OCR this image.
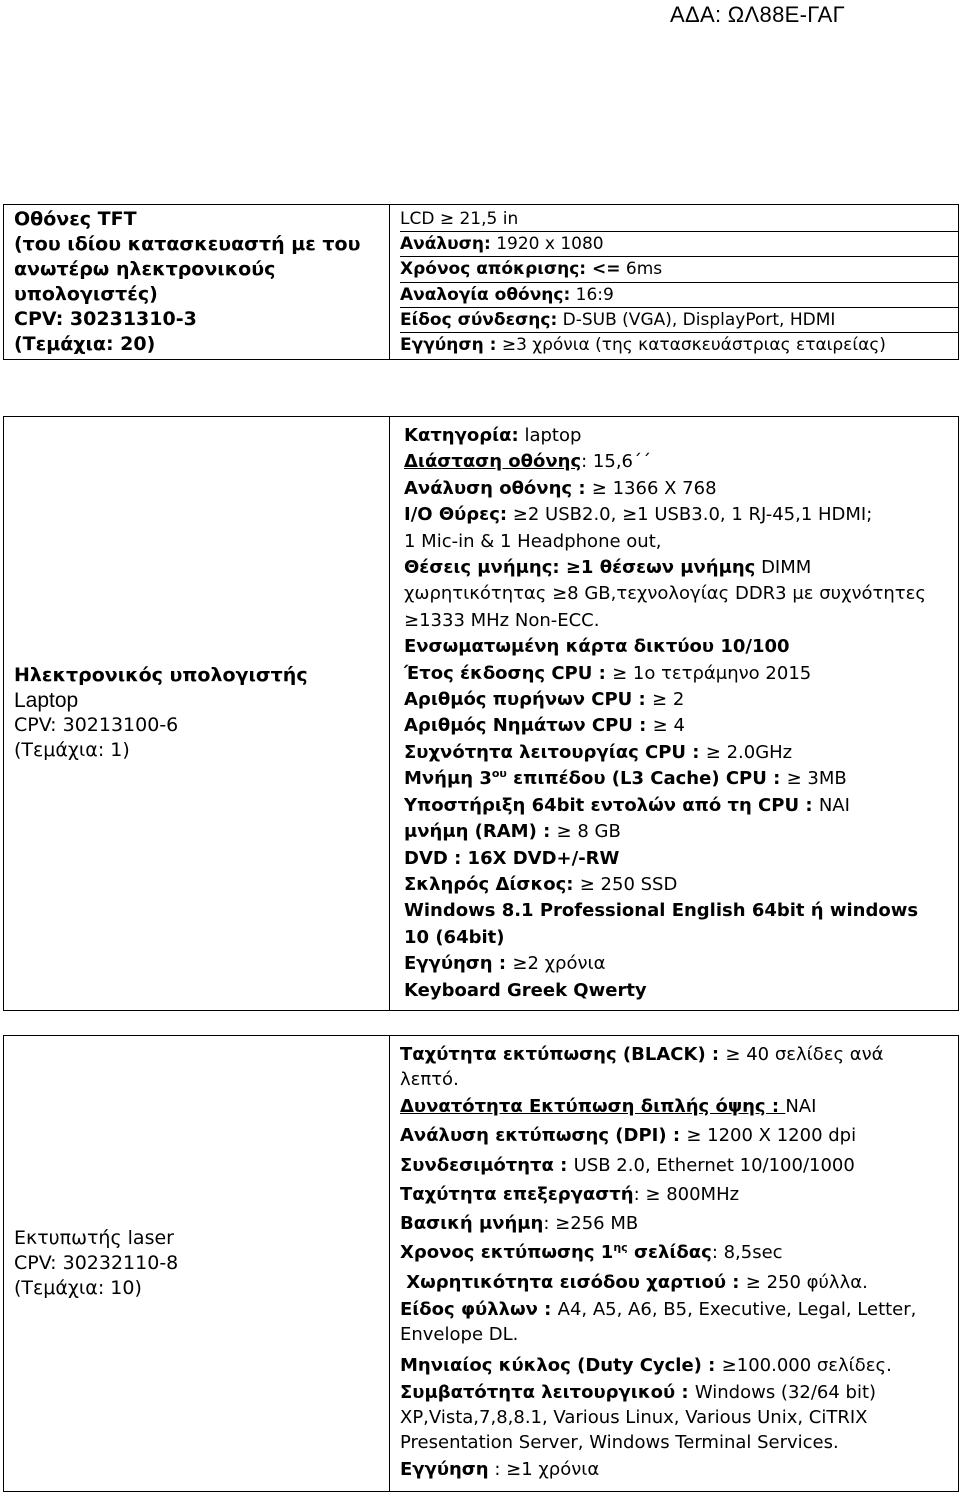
ΑΔΑ: ΩΛ88Ε-ΓΑΓ
Οθόνες TFT
(του ιδίου κατασκευαστή με του
ανωτέρω ηλεκτρονικούς
υπολογιστές)
CPV: 30231310-3
(Τεμάχια: 20)

LCD ≥ 21,5 in
Ανάλυση: 1920 x 1080
Χρόνος απόκρισης: <= 6ms
Αναλογία οθόνης: 16:9
Είδος σύνδεσης: D-SUB (VGA), DisplayPort, HDMI
Εγγύηση : ≥3 χρόνια (της κατασκευάστριας εταιρείας)
Ηλεκτρονικός υπολογιστής
Laptop
CPV: 30213100-6
(Τεμάχια: 1)

Κατηγορία: laptop
Διάσταση οθόνης: 15,6΄΄
Ανάλυση οθόνης : ≥ 1366 X 768
I/O Θύρες: ≥2 USB2.0, ≥1 USB3.0, 1 RJ-45,1 HDMI;
1 Mic-in & 1 Headphone out,
Θέσεις μνήμης: ≥1 θέσεων μνήμης DIMM
χωρητικότητας ≥8 GB,τεχνολογίας DDR3 με συχνότητες
≥1333 MHz Non-ECC.
Ενσωματωμένη κάρτα δικτύου 10/100
Έτος έκδοσης CPU : ≥ 1ο τετράμηνο 2015
Αριθμός πυρήνων CPU : ≥ 2
Αριθμός Νημάτων CPU : ≥ 4
Συχνότητα λειτουργίας CPU : ≥ 2.0GHz
Μνήμη $3^{o\upsilon}$ επιπέδου (L3 Cache) CPU : ≥ 3MB
Υποστήριξη 64bit εντολών από τη CPU : ΝΑΙ
μνήμη (RAM) : ≥ 8 GB
DVD : 16X DVD+/-RW
Σκληρός Δίσκος: ≥ 250 SSD
Windows 8.1 Professional English 64bit ή windows
10 (64bit)
Εγγύηση : ≥2 χρόνια
Keyboard Greek Qwerty
Εκτυπωτής laser
CPV: 30232110-8
(Τεμάχια: 10)

Ταχύτητα εκτύπωσης (BLACK) : ≥ 40 σελίδες ανά
λεπτό.
Δυνατότητα Εκτύπωση διπλής όψης : ΝΑΙ
Ανάλυση εκτύπωσης (DPI) : ≥ 1200 X 1200 dpi
Συνδεσιμότητα : USB 2.0, Ethernet 10/100/1000
Ταχύτητα επεξεργαστή: ≥ 800MHz
Βασική μνήμη: ≥256 MB
Χρονος εκτύπωσης $1^{\eta\varsigma}$ σελίδας: 8,5sec
Χωρητικότητα εισόδου χαρτιού : ≥ 250 φύλλα.
Είδος φύλλων : A4, A5, A6, B5, Executive, Legal, Letter,
Envelope DL.
Μηνιαίος κύκλος (Duty Cycle) : ≥100.000 σελίδες.
Συμβατότητα λειτουργικού : Windows (32/64 bit)
XP,Vista,7,8,8.1, Various Linux, Various Unix, CiTRIX
Presentation Server, Windows Terminal Services.
Εγγύηση : ≥1 χρόνια
